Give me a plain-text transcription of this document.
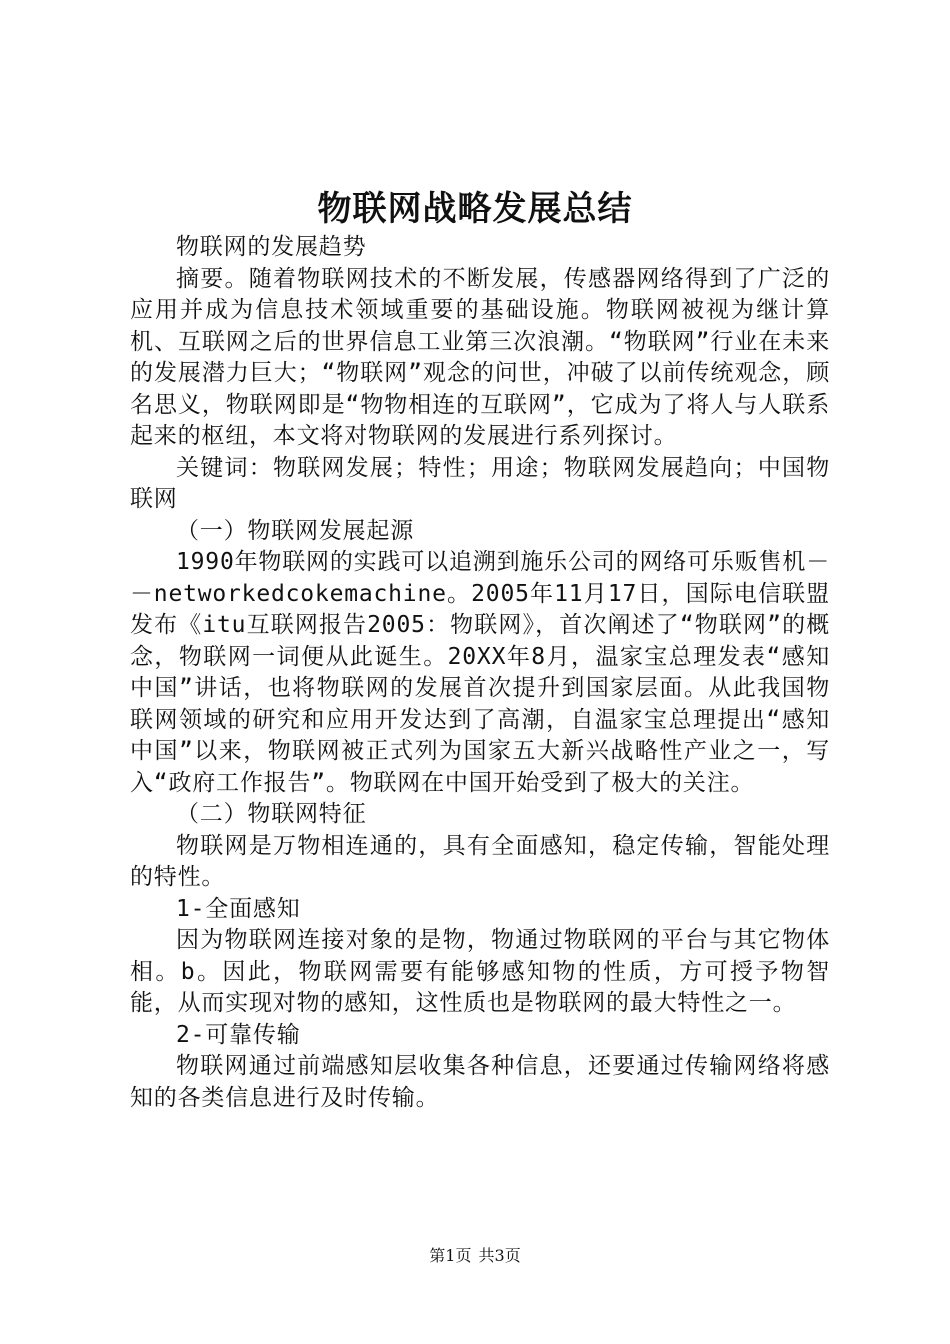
物联网战略发展总结

物联网的发展趋势

摘要。随着物联网技术的不断发展，传感器网络得到了广泛的应用并成为信息技术领域重要的基础设施。物联网被视为继计算机、互联网之后的世界信息工业第三次浪潮。“物联网”行业在未来的发展潜力巨大；“物联网”观念的问世，冲破了以前传统观念，顾名思义，物联网即是“物物相连的互联网”，它成为了将人与人联系起来的枢纽，本文将对物联网的发展进行系列探讨。

关键词：物联网发展；特性；用途；物联网发展趋向；中国物联网

（一）物联网发展起源

1990年物联网的实践可以追溯到施乐公司的网络可乐贩售机－－networkedcokemachine。2005年11月17日，国际电信联盟发布《itu互联网报告2005：物联网》，首次阐述了“物联网”的概念，物联网一词便从此诞生。20XX年8月，温家宝总理发表“感知中国”讲话，也将物联网的发展首次提升到国家层面。从此我国物联网领域的研究和应用开发达到了高潮，自温家宝总理提出“感知中国”以来，物联网被正式列为国家五大新兴战略性产业之一，写入“政府工作报告”。物联网在中国开始受到了极大的关注。

（二）物联网特征

物联网是万物相连通的，具有全面感知，稳定传输，智能处理的特性。

1-全面感知

因为物联网连接对象的是物，物通过物联网的平台与其它物体相。b。因此，物联网需要有能够感知物的性质，方可授予物智能，从而实现对物的感知，这性质也是物联网的最大特性之一。

2-可靠传输

物联网通过前端感知层收集各种信息，还要通过传输网络将感知的各类信息进行及时传输。

第1页 共3页
